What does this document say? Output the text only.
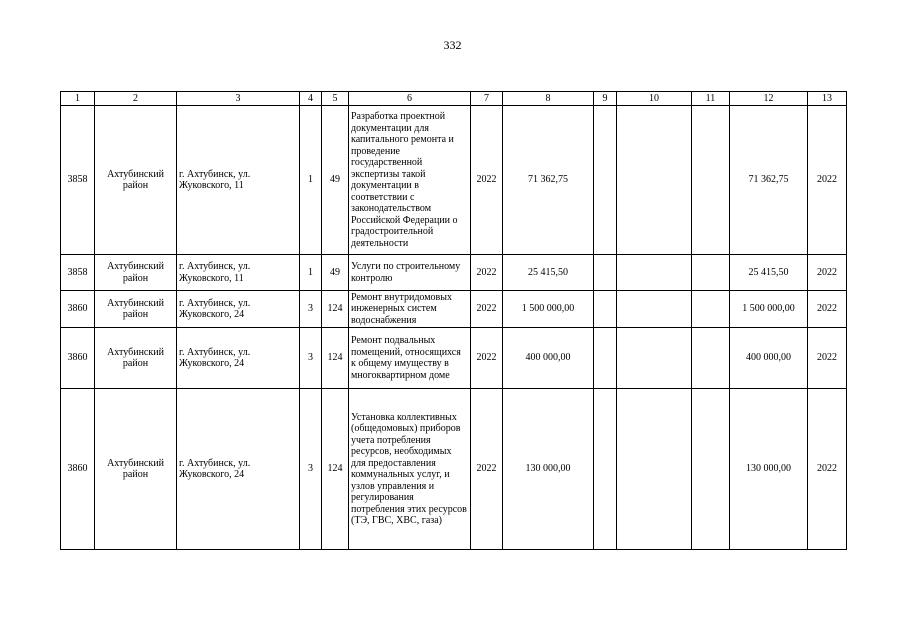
332
1	2	3	4	5	6	7	8	9	10	11	12	13
3858	Ахтубинский район	г. Ахтубинск, ул. Жуковского, 11	1	49	Разработка проектной документации для капитального ремонта и проведение государственной экспертизы такой документации в соответствии с законодательством Российской Федерации о градостроительной деятельности	2022	71 362,75				71 362,75	2022
3858	Ахтубинский район	г. Ахтубинск, ул. Жуковского, 11	1	49	Услуги по строительному контролю	2022	25 415,50				25 415,50	2022
3860	Ахтубинский район	г. Ахтубинск, ул. Жуковского, 24	3	124	Ремонт внутридомовых инженерных систем водоснабжения	2022	1 500 000,00				1 500 000,00	2022
3860	Ахтубинский район	г. Ахтубинск, ул. Жуковского, 24	3	124	Ремонт подвальных помещений, относящихся к общему имуществу в многоквартирном доме	2022	400 000,00				400 000,00	2022
3860	Ахтубинский район	г. Ахтубинск, ул. Жуковского, 24	3	124	Установка коллективных (общедомовых) приборов учета потребления ресурсов, необходимых для предоставления коммунальных услуг, и узлов управления и регулирования потребления этих ресурсов (ТЭ, ГВС, ХВС, газа)	2022	130 000,00				130 000,00	2022
